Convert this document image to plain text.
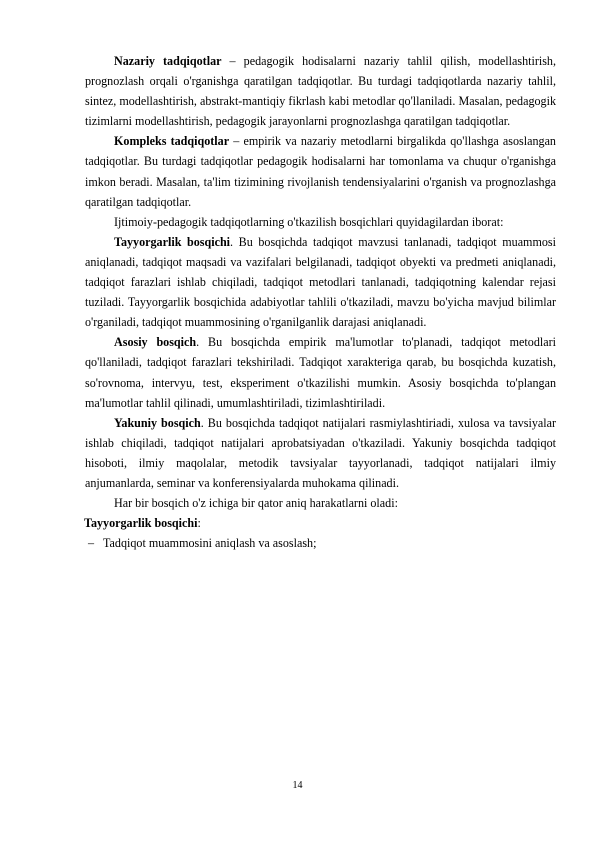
Nazariy tadqiqotlar – pedagogik hodisalarni nazariy tahlil qilish, modellashtirish, prognozlash orqali o'rganishga qaratilgan tadqiqotlar. Bu turdagi tadqiqotlarda nazariy tahlil, sintez, modellashtirish, abstrakt-mantiqiy fikrlash kabi metodlar qo'llaniladi. Masalan, pedagogik tizimlarni modellashtirish, pedagogik jarayonlarni prognozlashga qaratilgan tadqiqotlar.

Kompleks tadqiqotlar – empirik va nazariy metodlarni birgalikda qo'llashga asoslangan tadqiqotlar. Bu turdagi tadqiqotlar pedagogik hodisalarni har tomonlama va chuqur o'rganishga imkon beradi. Masalan, ta'lim tizimining rivojlanish tendensiyalarini o'rganish va prognozlashga qaratilgan tadqiqotlar.

Ijtimoiy-pedagogik tadqiqotlarning o'tkazilish bosqichlari quyidagilardan iborat:

Tayyorgarlik bosqichi. Bu bosqichda tadqiqot mavzusi tanlanadi, tadqiqot muammosi aniqlanadi, tadqiqot maqsadi va vazifalari belgilanadi, tadqiqot obyekti va predmeti aniqlanadi, tadqiqot farazlari ishlab chiqiladi, tadqiqot metodlari tanlanadi, tadqiqotning kalendar rejasi tuziladi. Tayyorgarlik bosqichida adabiyotlar tahlili o'tkaziladi, mavzu bo'yicha mavjud bilimlar o'rganiladi, tadqiqot muammosining o'rganilganlik darajasi aniqlanadi.

Asosiy bosqich. Bu bosqichda empirik ma'lumotlar to'planadi, tadqiqot metodlari qo'llaniladi, tadqiqot farazlari tekshiriladi. Tadqiqot xarakteriga qarab, bu bosqichda kuzatish, so'rovnoma, intervyu, test, eksperiment o'tkazilishi mumkin. Asosiy bosqichda to'plangan ma'lumotlar tahlil qilinadi, umumlashtiriladi, tizimlashtiriladi.

Yakuniy bosqich. Bu bosqichda tadqiqot natijalari rasmiylashtiriadi, xulosa va tavsiyalar ishlab chiqiladi, tadqiqot natijalari aprobatsiyadan o'tkaziladi. Yakuniy bosqichda tadqiqot hisoboti, ilmiy maqolalar, metodik tavsiyalar tayyorlanadi, tadqiqot natijalari ilmiy anjumanlarda, seminar va konferensiyalarda muhokama qilinadi.

Har bir bosqich o'z ichiga bir qator aniq harakatlarni oladi:

Tayyorgarlik bosqichi:

– Tadqiqot muammosini aniqlash va asoslash;

14
